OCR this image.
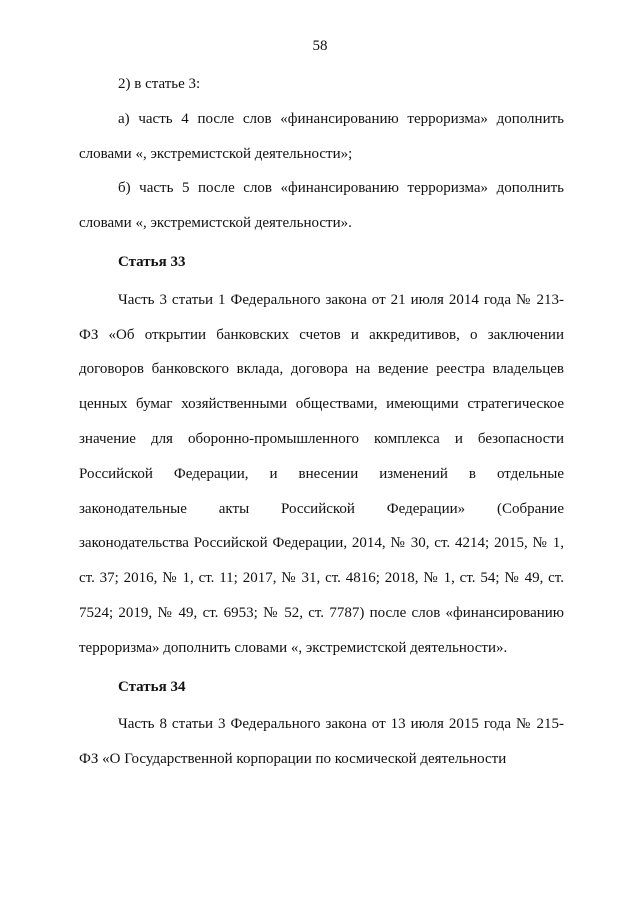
58

2) в статье 3:

а) часть 4 после слов «финансированию терроризма» дополнить словами «, экстремистской деятельности»;

б) часть 5 после слов «финансированию терроризма» дополнить словами «, экстремистской деятельности».

Статья 33

Часть 3 статьи 1 Федерального закона от 21 июля 2014 года № 213-ФЗ «Об открытии банковских счетов и аккредитивов, о заключении договоров банковского вклада, договора на ведение реестра владельцев ценных бумаг хозяйственными обществами, имеющими стратегическое значение для оборонно-промышленного комплекса и безопасности Российской Федерации, и внесении изменений в отдельные законодательные акты Российской Федерации» (Собрание законодательства Российской Федерации, 2014, № 30, ст. 4214; 2015, № 1, ст. 37; 2016, № 1, ст. 11; 2017, № 31, ст. 4816; 2018, № 1, ст. 54; № 49, ст. 7524; 2019, № 49, ст. 6953; № 52, ст. 7787) после слов «финансированию терроризма» дополнить словами «, экстремистской деятельности».

Статья 34

Часть 8 статьи 3 Федерального закона от 13 июля 2015 года № 215-ФЗ «О Государственной корпорации по космической деятельности
